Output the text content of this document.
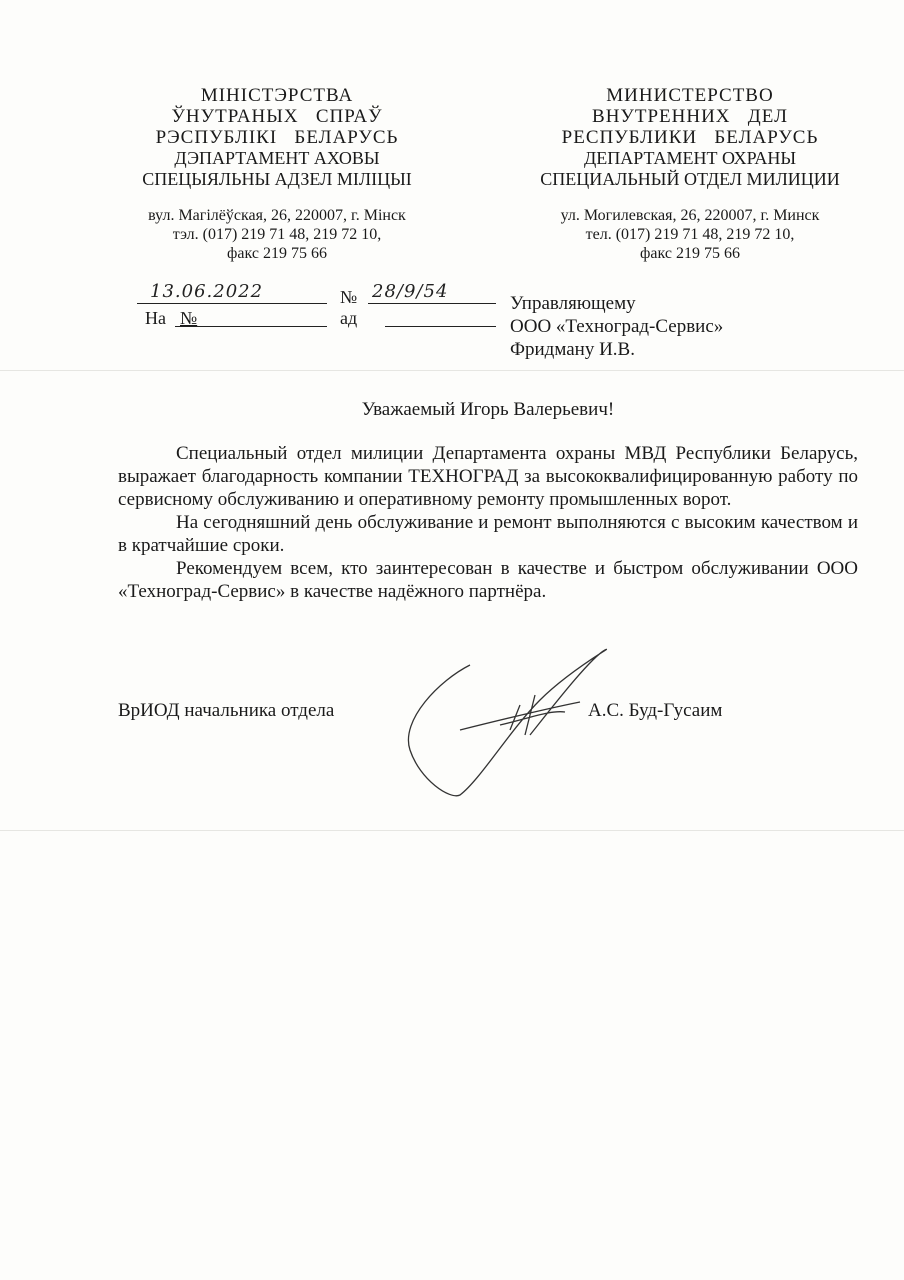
МІНІСТЭРСТВА
ЎНУТРАНЫХ   СПРАЎ
РЭСПУБЛІКІ   БЕЛАРУСЬ
ДЭПАРТАМЕНТ АХОВЫ
СПЕЦЫЯЛЬНЫ АДЗЕЛ МІЛІЦЫІ
вул. Магілёўская, 26, 220007, г. Мінск
тэл. (017) 219 71 48, 219 72 10,
факс 219 75 66
МИНИСТЕРСТВО
ВНУТРЕННИХ   ДЕЛ
РЕСПУБЛИКИ   БЕЛАРУСЬ
ДЕПАРТАМЕНТ ОХРАНЫ
СПЕЦИАЛЬНЫЙ ОТДЕЛ МИЛИЦИИ
ул. Могилевская, 26, 220007, г. Минск
тел. (017) 219 71 48, 219 72 10,
факс 219 75 66
13.06.2022	№ 28/9/54
На №	ад
Управляющему
ООО «Техноград-Сервис»
Фридману И.В.
Уважаемый Игорь Валерьевич!

Специальный отдел милиции Департамента охраны МВД Республики Беларусь, выражает благодарность компании ТЕХНОГРАД за высококвалифицированную работу по сервисному обслуживанию и оперативному ремонту промышленных ворот.

На сегодняшний день обслуживание и ремонт выполняются с высоким качеством и в кратчайшие сроки.

Рекомендуем всем, кто заинтересован в качестве и быстром обслуживании ООО «Техноград-Сервис» в качестве надёжного партнёра.

ВрИОД начальника отдела	А.С. Буд-Гусаим
